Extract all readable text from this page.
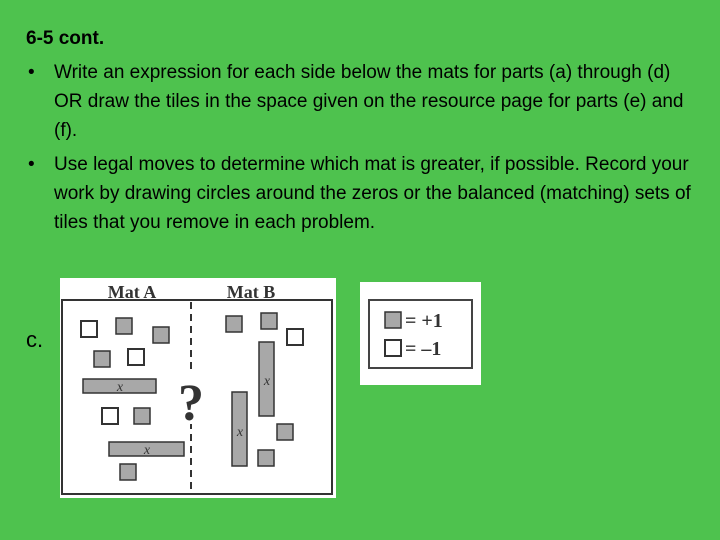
6-5 cont.
• Write an expression for each side below the mats for parts (a) through (d) OR draw the tiles in the space given on the resource page for parts (e) and (f).
• Use legal moves to determine which mat is greater, if possible. Record your work by drawing circles around the zeros or the balanced (matching) sets of tiles that you remove in each problem.
c.
Mat A	Mat B
x
x
?	x
x
= +1
= –1
